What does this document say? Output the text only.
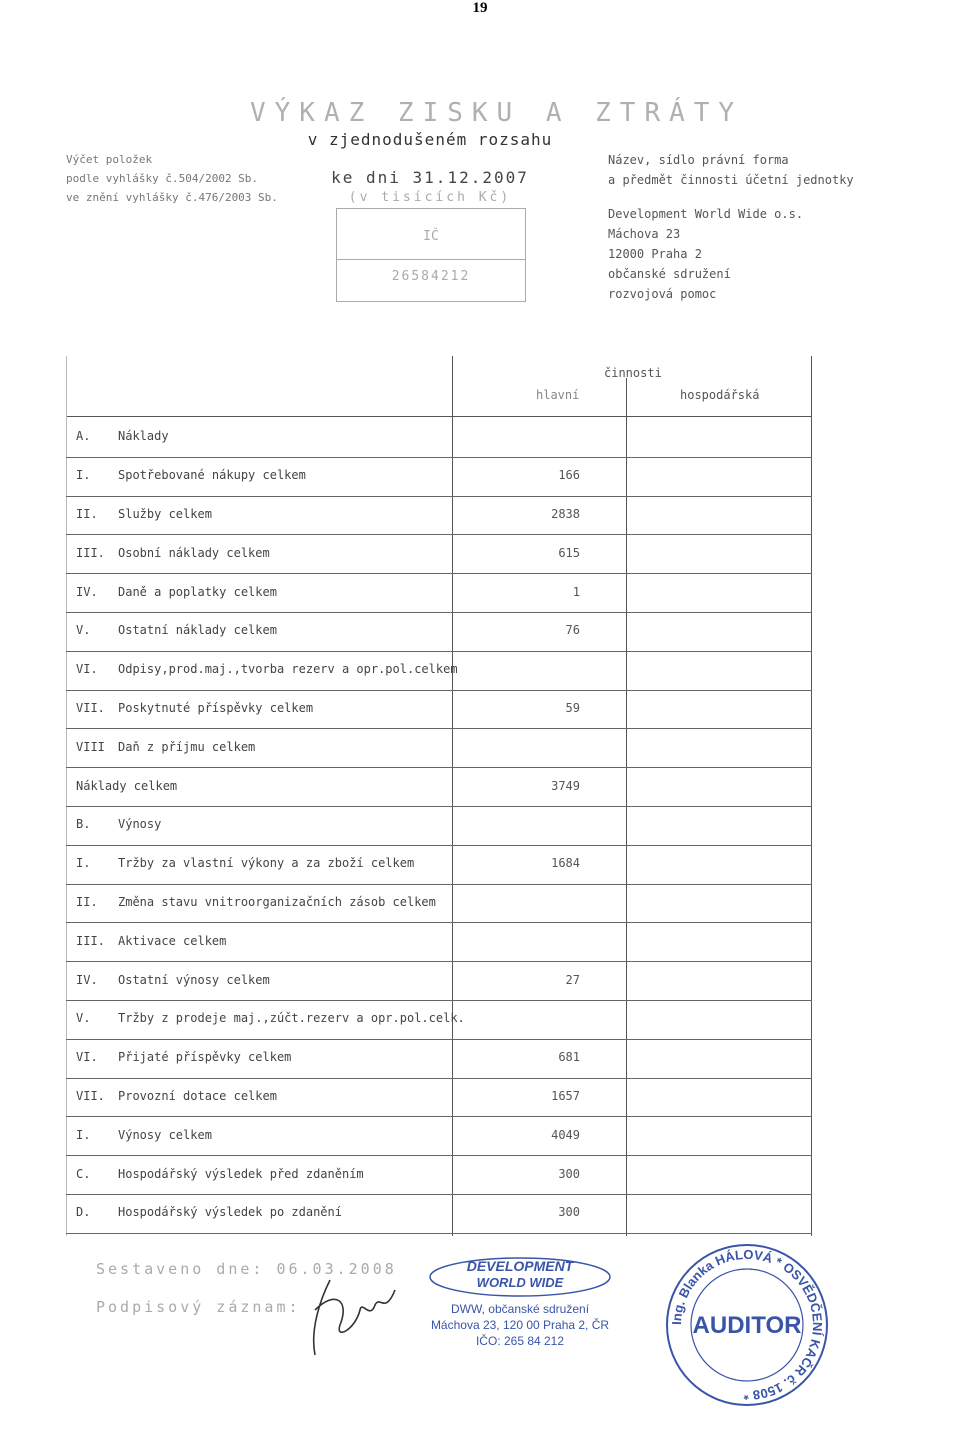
19
Výčet položek
podle vyhlášky č.504/2002 Sb.
ve znění vyhlášky č.476/2003 Sb.
VÝKAZ ZISKU A ZTRÁTY
v zjednodušeném rozsahu
ke dni 31.12.2007
(v tisících Kč)
IČ
26584212
Název, sídlo právní forma
a předmět činnosti účetní jednotky
Development World Wide o.s.
Máchova 23
12000 Praha 2
občanské sdružení
rozvojová pomoc
činnosti
hlavní	hospodářská
A. Náklady
I. Spotřebované nákupy celkem	166
II. Služby celkem	2838
III. Osobní náklady celkem	615
IV. Daně a poplatky celkem	1
V. Ostatní náklady celkem	76
VI. Odpisy,prod.maj.,tvorba rezerv a opr.pol.celkem
VII. Poskytnuté příspěvky celkem	59
VIII Daň z příjmu celkem
Náklady celkem	3749
B. Výnosy
I. Tržby za vlastní výkony a za zboží celkem	1684
II. Změna stavu vnitroorganizačních zásob celkem
III. Aktivace celkem
IV. Ostatní výnosy celkem	27
V. Tržby z prodeje maj.,zúčt.rezerv a opr.pol.celk.
VI. Přijaté příspěvky celkem	681
VII. Provozní dotace celkem	1657
I. Výnosy celkem	4049
C. Hospodářský výsledek před zdaněním	300
D. Hospodářský výsledek po zdanění	300
Sestaveno dne: 06.03.2008
Podpisový záznam:
DEVELOPMENT
WORLD WIDE
DWW, občanské sdružení
Máchova 23, 120 00 Praha 2, ČR
IČO: 265 84 212
Ing. Blanka HÁLOVÁ * OSVĚDČENÍ KAČR č. 1508 *
AUDITOR
